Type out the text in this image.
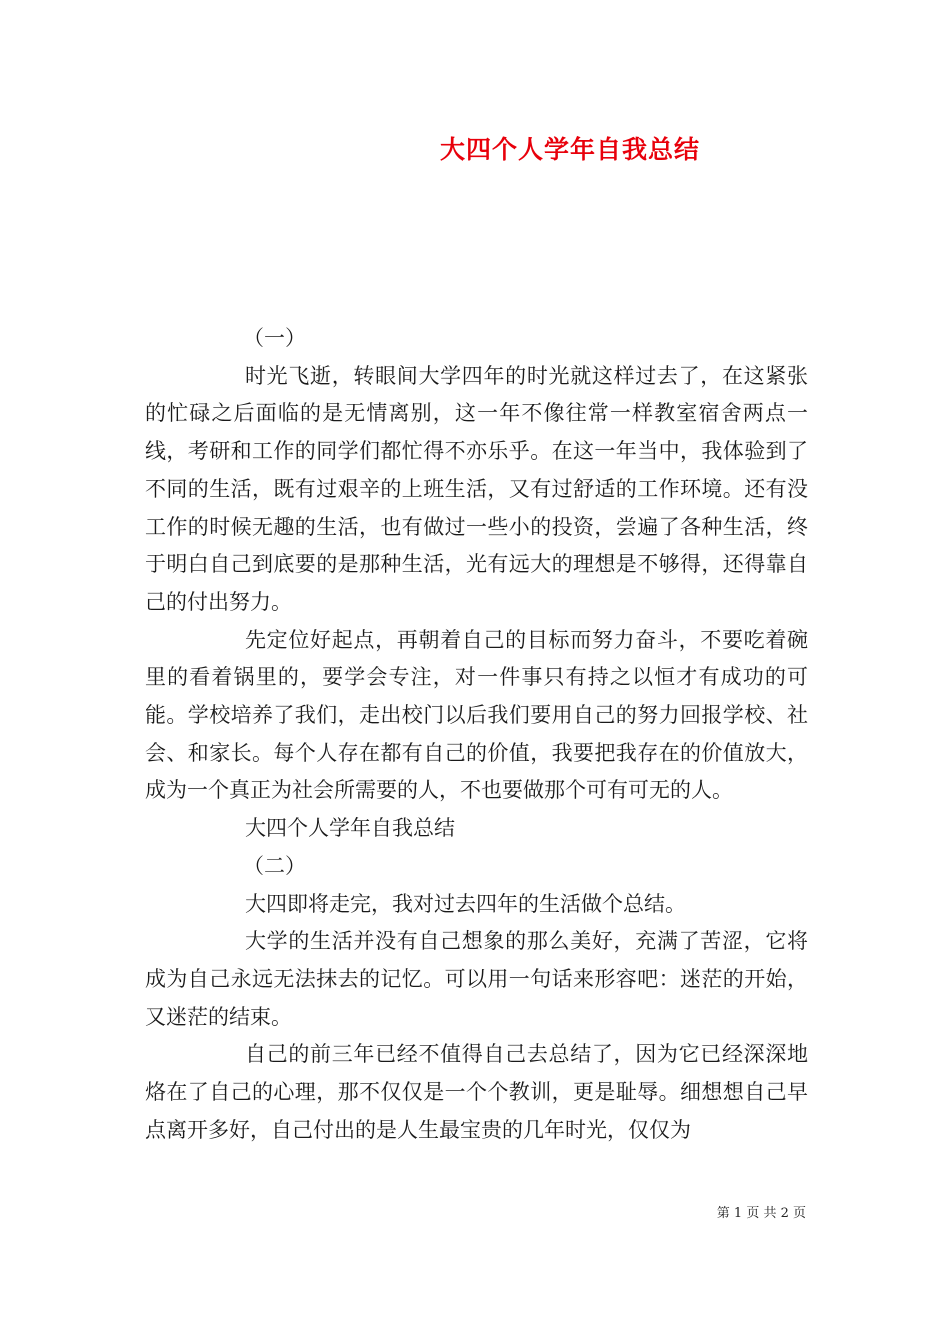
大四个人学年自我总结

（一）

时光飞逝，转眼间大学四年的时光就这样过去了，在这紧张的忙碌之后面临的是无情离别，这一年不像往常一样教室宿舍两点一线，考研和工作的同学们都忙得不亦乐乎。在这一年当中，我体验到了不同的生活，既有过艰辛的上班生活，又有过舒适的工作环境。还有没工作的时候无趣的生活，也有做过一些小的投资，尝遍了各种生活，终于明白自己到底要的是那种生活，光有远大的理想是不够得，还得靠自己的付出努力。

先定位好起点，再朝着自己的目标而努力奋斗，不要吃着碗里的看着锅里的，要学会专注，对一件事只有持之以恒才有成功的可能。学校培养了我们，走出校门以后我们要用自己的努力回报学校、社会、和家长。每个人存在都有自己的价值，我要把我存在的价值放大，成为一个真正为社会所需要的人，不也要做那个可有可无的人。

大四个人学年自我总结

（二）

大四即将走完，我对过去四年的生活做个总结。

大学的生活并没有自己想象的那么美好，充满了苦涩，它将成为自己永远无法抹去的记忆。可以用一句话来形容吧：迷茫的开始，又迷茫的结束。

自己的前三年已经不值得自己去总结了，因为它已经深深地烙在了自己的心理，那不仅仅是一个个教训，更是耻辱。细想想自己早点离开多好，自己付出的是人生最宝贵的几年时光，仅仅为

第 1 页 共 2 页
